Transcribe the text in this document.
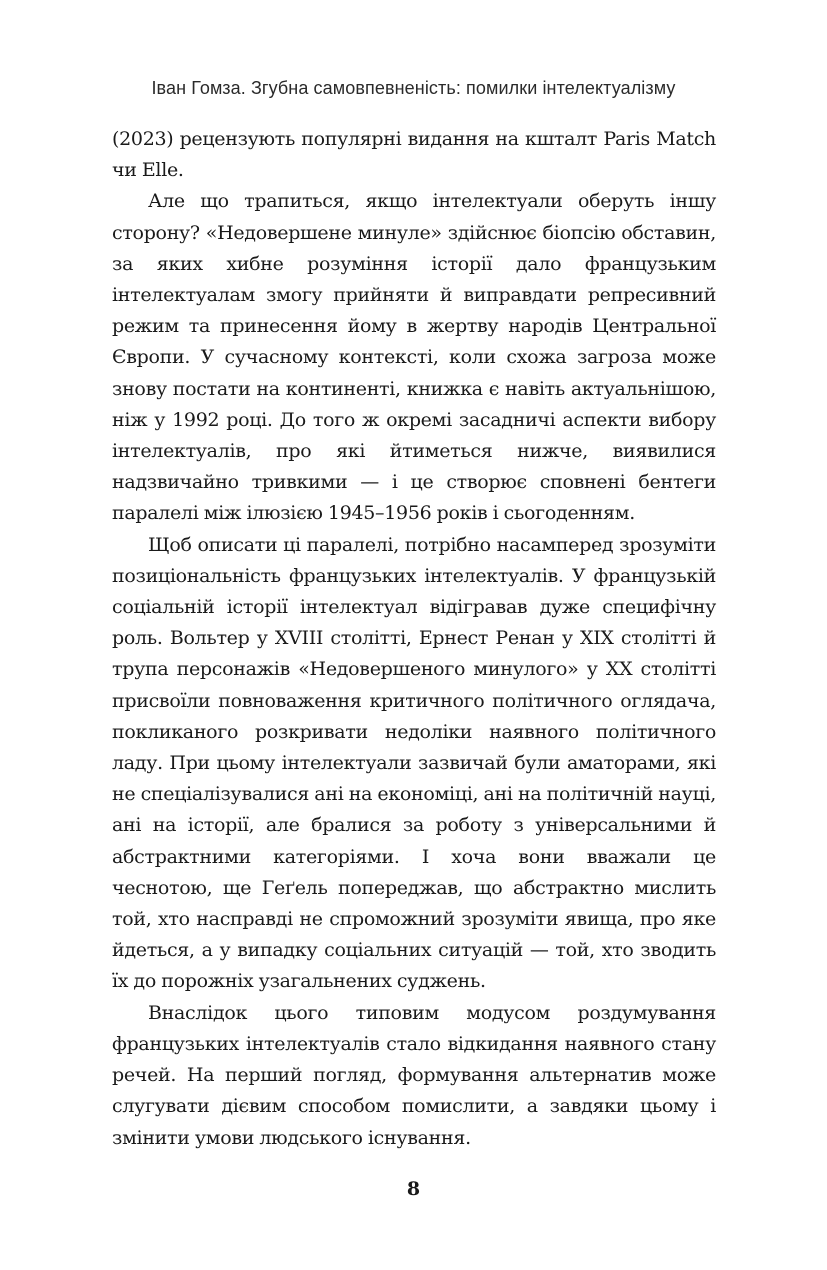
Іван Гомза. Згубна самовпевненість: помилки інтелектуалізму

(2023) рецензують популярні видання на кшталт Paris Match чи Elle.

Але що трапиться, якщо інтелектуали оберуть іншу сторону? «Недовершене минуле» здійснює біопсію обставин, за яких хибне розуміння історії дало французьким інтелектуалам змогу прийняти й виправдати репресивний режим та принесення йому в жертву народів Центральної Європи. У сучасному контексті, коли схожа загроза може знову постати на континенті, книжка є навіть актуальнішою, ніж у 1992 році. До того ж окремі засадничі аспекти вибору інтелектуалів, про які йтиметься нижче, виявилися надзвичайно тривкими — і це створює сповнені бентеги паралелі між ілюзією 1945–1956 років і сьогоденням.

Щоб описати ці паралелі, потрібно насамперед зрозуміти позиціональність французьких інтелектуалів. У французькій соціальній історії інтелектуал відігравав дуже специфічну роль. Вольтер у XVIII столітті, Ернест Ренан у XIX столітті й трупа персонажів «Недовершеного минулого» у XX столітті присвоїли повноваження критичного політичного оглядача, покликаного розкривати недоліки наявного політичного ладу. При цьому інтелектуали зазвичай були аматорами, які не спеціалізувалися ані на економіці, ані на політичній науці, ані на історії, але бралися за роботу з універсальними й абстрактними категоріями. І хоча вони вважали це чеснотою, ще Геґель попереджав, що абстрактно мислить той, хто насправді не спроможний зрозуміти явища, про яке йдеться, а у випадку соціальних ситуацій — той, хто зводить їх до порожніх узагальнених суджень.

Внаслідок цього типовим модусом роздумування французьких інтелектуалів стало відкидання наявного стану речей. На перший погляд, формування альтернатив може слугувати дієвим способом помислити, а завдяки цьому і змінити умови людського існування.

8
